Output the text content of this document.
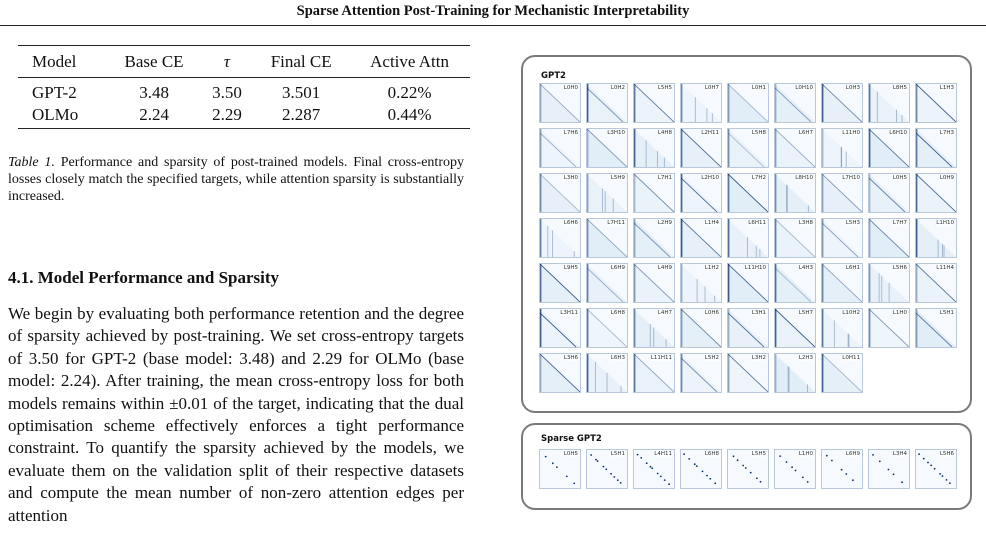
Sparse Attention Post-Training for Mechanistic Interpretability
Model	Base CE	τ	Final CE	Active Attn
GPT-2	3.48	3.50	3.501	0.22%
OLMo	2.24	2.29	2.287	0.44%

Table 1. Performance and sparsity of post-trained models. Final cross-entropy losses closely match the specified targets, while attention sparsity is substantially increased.

4.1. Model Performance and Sparsity

We begin by evaluating both performance retention and the degree of sparsity achieved by post-training. We set cross-entropy targets of 3.50 for GPT-2 (base model: 3.48) and 2.29 for OLMo (base model: 2.24). After training, the mean cross-entropy loss for both models remains within ±0.01 of the target, indicating that the dual optimisation scheme effectively enforces a tight performance constraint. To quantify the sparsity achieved by the models, we evaluate them on the validation split of their respective datasets and compute the mean number of non-zero attention edges per attention

GPT2
L0H0	L0H2	L5H5	L0H7	L0H1	L0H10	L0H3	L8H5	L1H3
L7H6	L3H10	L4H8	L2H11	L5H8	L6H7	L11H0	L6H10	L7H3
L3H0	L5H9	L7H1	L2H10	L7H2	L8H10	L7H10	L0H5	L0H9
L6H6	L7H11	L2H9	L1H4	L6H11	L3H8	L5H3	L7H7	L1H10
L9H5	L6H9	L4H9	L1H2	L11H10	L4H3	L6H1	L5H6	L11H4
L3H11	L6H8	L4H7	L0H6	L3H1	L5H7	L10H2	L1H0	L5H1
L3H6	L6H3	L11H11	L5H2	L3H2	L2H3	L0H11
Sparse GPT2
L0H5	L5H1	L4H11	L6H8	L5H5	L1H0	L6H9	L3H4	L5H6
